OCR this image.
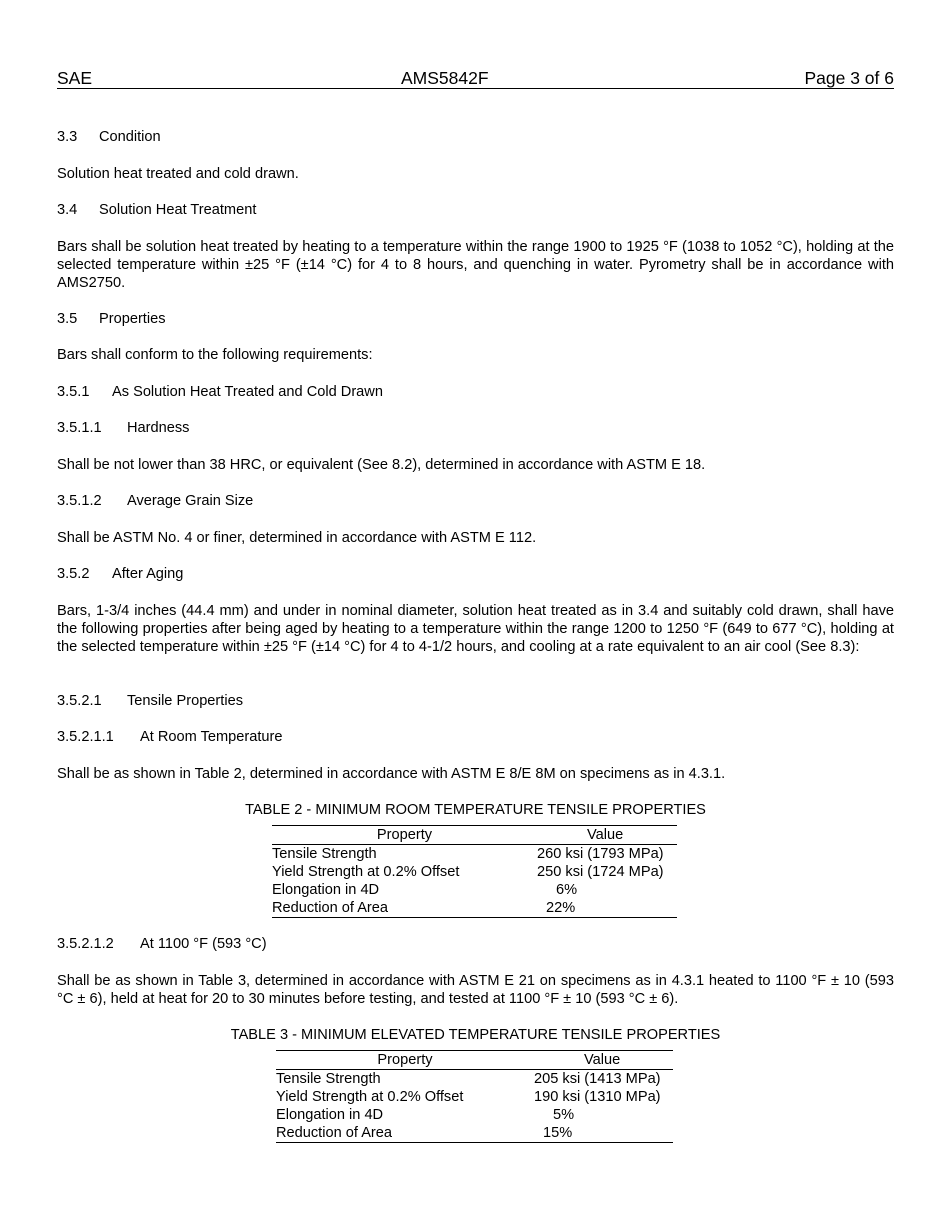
SAE	AMS5842F	Page 3 of 6
3.3 Condition

Solution heat treated and cold drawn.

3.4 Solution Heat Treatment

Bars shall be solution heat treated by heating to a temperature within the range 1900 to 1925 °F (1038 to 1052 °C), holding at the selected temperature within ±25 °F (±14 °C) for 4 to 8 hours, and quenching in water. Pyrometry shall be in accordance with AMS2750.

3.5 Properties

Bars shall conform to the following requirements:

3.5.1 As Solution Heat Treated and Cold Drawn
3.5.1.1 Hardness

Shall be not lower than 38 HRC, or equivalent (See 8.2), determined in accordance with ASTM E 18.

3.5.1.2 Average Grain Size

Shall be ASTM No. 4 or finer, determined in accordance with ASTM E 112.

3.5.2 After Aging

Bars, 1-3/4 inches (44.4 mm) and under in nominal diameter, solution heat treated as in 3.4 and suitably cold drawn, shall have the following properties after being aged by heating to a temperature within the range 1200 to 1250 °F (649 to 677 °C), holding at the selected temperature within ±25 °F (±14 °C) for 4 to 4-1/2 hours, and cooling at a rate equivalent to an air cool (See 8.3):

3.5.2.1 Tensile Properties
3.5.2.1.1 At Room Temperature

Shall be as shown in Table 2, determined in accordance with ASTM E 8/E 8M on specimens as in 4.3.1.

TABLE 2 - MINIMUM ROOM TEMPERATURE TENSILE PROPERTIES
Property	Value
Tensile Strength	260 ksi (1793 MPa)
Yield Strength at 0.2% Offset	250 ksi (1724 MPa)
Elongation in 4D	6%
Reduction of Area	22%
3.5.2.1.2 At 1100 °F (593 °C)

Shall be as shown in Table 3, determined in accordance with ASTM E 21 on specimens as in 4.3.1 heated to 1100 °F ± 10 (593 °C ± 6), held at heat for 20 to 30 minutes before testing, and tested at 1100 °F ± 10 (593 °C ± 6).

TABLE 3 - MINIMUM ELEVATED TEMPERATURE TENSILE PROPERTIES
Property	Value
Tensile Strength	205 ksi (1413 MPa)
Yield Strength at 0.2% Offset	190 ksi (1310 MPa)
Elongation in 4D	5%
Reduction of Area	15%
